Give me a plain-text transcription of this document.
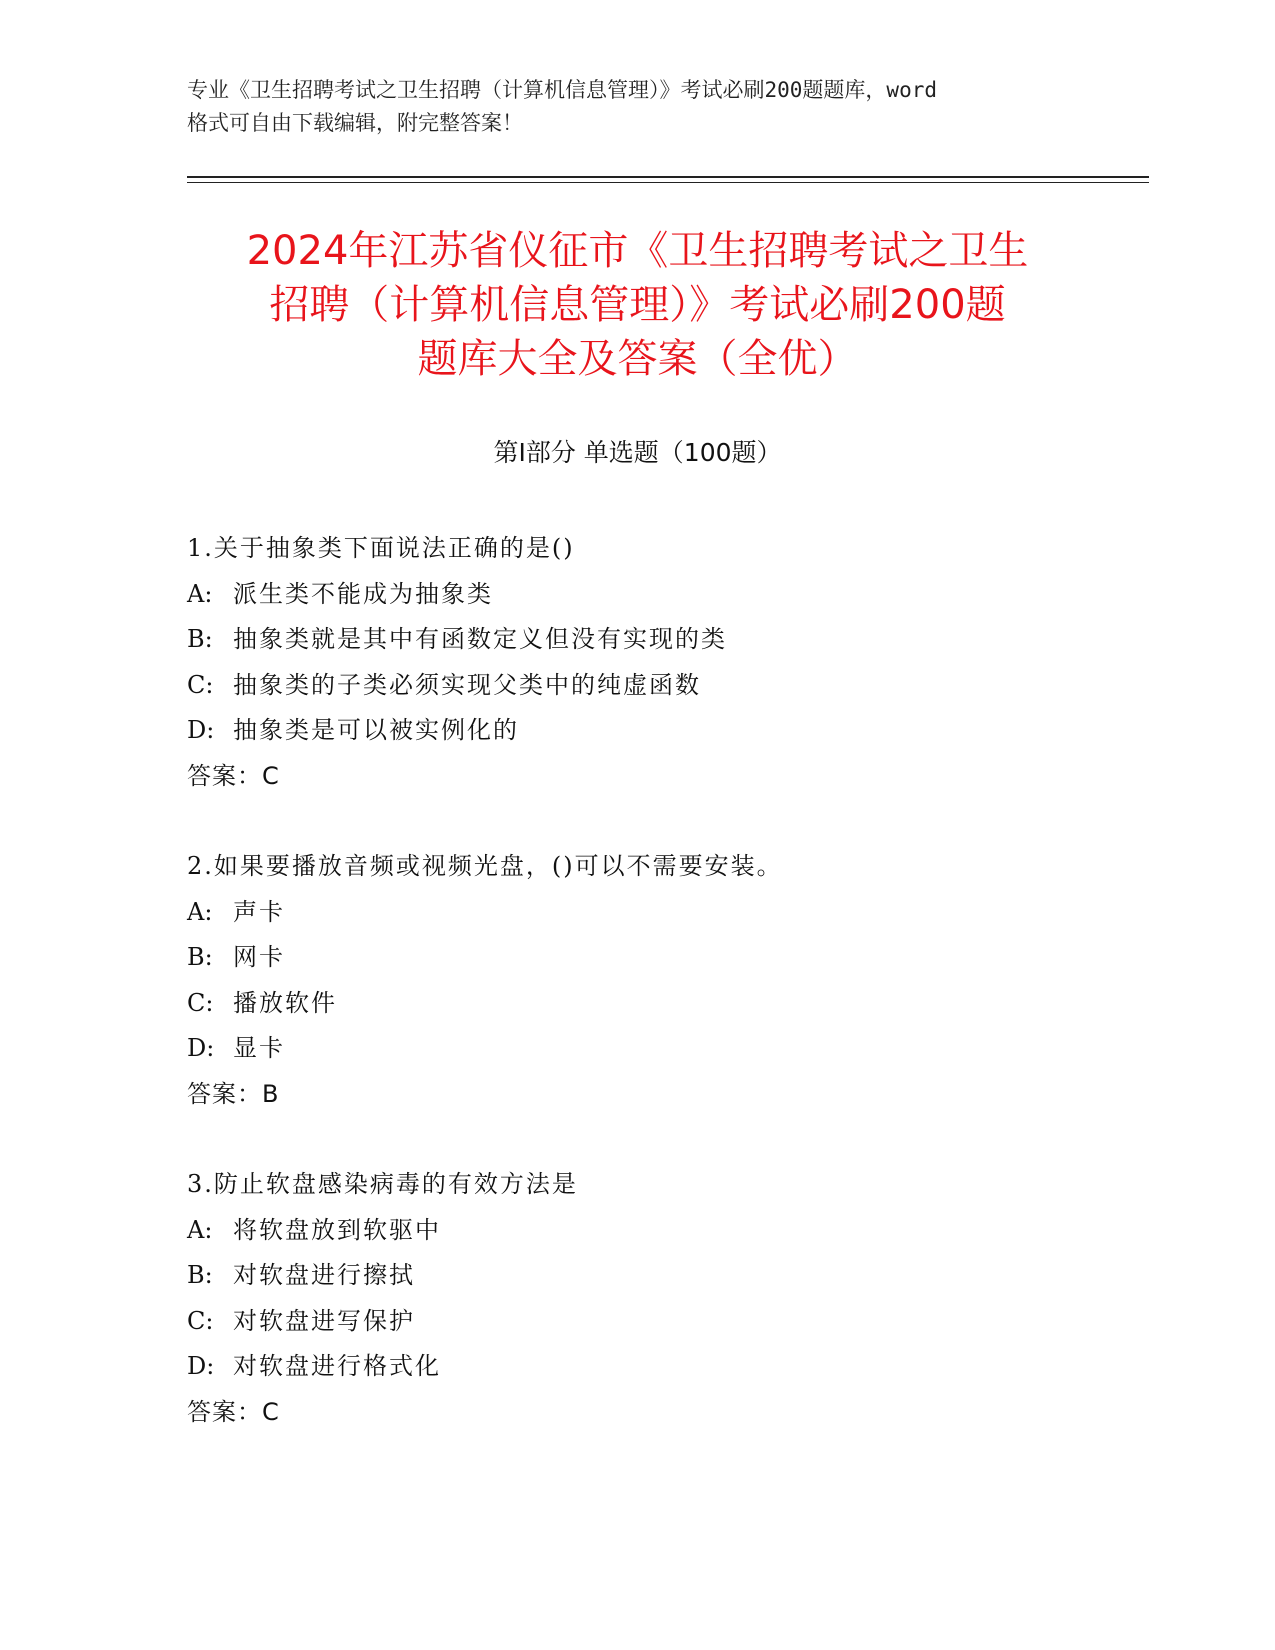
专业《卫生招聘考试之卫生招聘（计算机信息管理）》考试必刷200题题库，word
格式可自由下载编辑，附完整答案！
2024年江苏省仪征市《卫生招聘考试之卫生
招聘（计算机信息管理）》考试必刷200题
题库大全及答案（全优）
第Ⅰ部分 单选题（100题）
1.关于抽象类下面说法正确的是()
A: 派生类不能成为抽象类
B: 抽象类就是其中有函数定义但没有实现的类
C: 抽象类的子类必须实现父类中的纯虚函数
D: 抽象类是可以被实例化的
答案：C
2.如果要播放音频或视频光盘，()可以不需要安装。
A: 声卡
B: 网卡
C: 播放软件
D: 显卡
答案：B
3.防止软盘感染病毒的有效方法是
A: 将软盘放到软驱中
B: 对软盘进行擦拭
C: 对软盘进写保护
D: 对软盘进行格式化
答案：C
